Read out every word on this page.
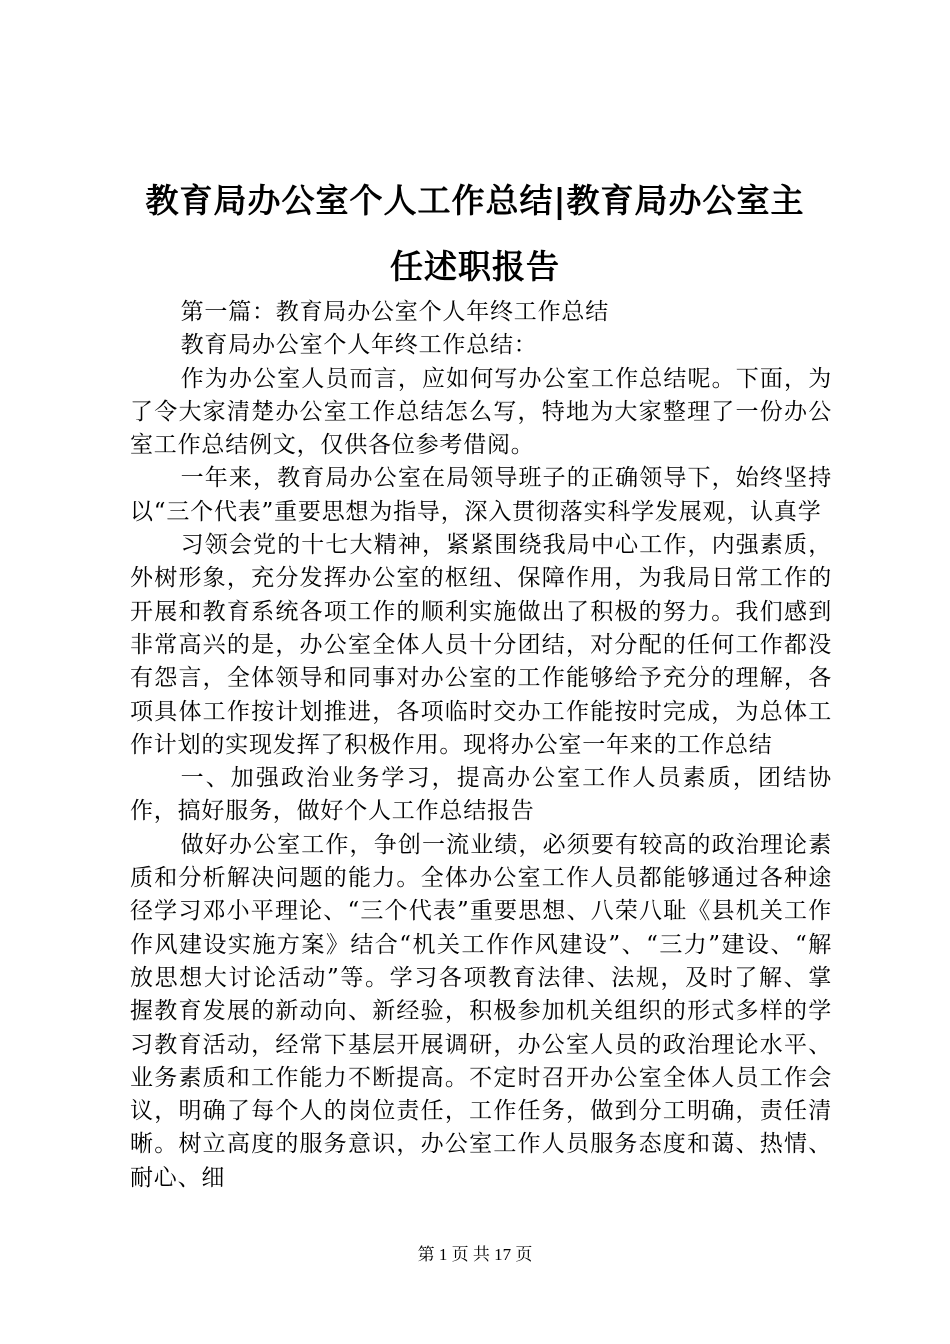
教育局办公室个人工作总结|教育局办公室主
任述职报告

第一篇：教育局办公室个人年终工作总结

教育局办公室个人年终工作总结：

作为办公室人员而言，应如何写办公室工作总结呢。下面，为了令大家清楚办公室工作总结怎么写，特地为大家整理了一份办公室工作总结例文，仅供各位参考借阅。

一年来，教育局办公室在局领导班子的正确领导下，始终坚持以“三个代表”重要思想为指导，深入贯彻落实科学发展观，认真学

习领会党的十七大精神，紧紧围绕我局中心工作，内强素质，外树形象，充分发挥办公室的枢纽、保障作用，为我局日常工作的开展和教育系统各项工作的顺利实施做出了积极的努力。我们感到非常高兴的是，办公室全体人员十分团结，对分配的任何工作都没有怨言，全体领导和同事对办公室的工作能够给予充分的理解，各项具体工作按计划推进，各项临时交办工作能按时完成，为总体工作计划的实现发挥了积极作用。现将办公室一年来的工作总结

一、加强政治业务学习，提高办公室工作人员素质，团结协作，搞好服务，做好个人工作总结报告

做好办公室工作，争创一流业绩，必须要有较高的政治理论素质和分析解决问题的能力。全体办公室工作人员都能够通过各种途径学习邓小平理论、“三个代表”重要思想、八荣八耻《县机关工作作风建设实施方案》结合“机关工作作风建设”、“三力”建设、“解放思想大讨论活动”等。学习各项教育法律、法规，及时了解、掌握教育发展的新动向、新经验，积极参加机关组织的形式多样的学习教育活动，经常下基层开展调研，办公室人员的政治理论水平、业务素质和工作能力不断提高。不定时召开办公室全体人员工作会议，明确了每个人的岗位责任，工作任务，做到分工明确，责任清晰。树立高度的服务意识，办公室工作人员服务态度和蔼、热情、耐心、细

第 1 页 共 17 页
